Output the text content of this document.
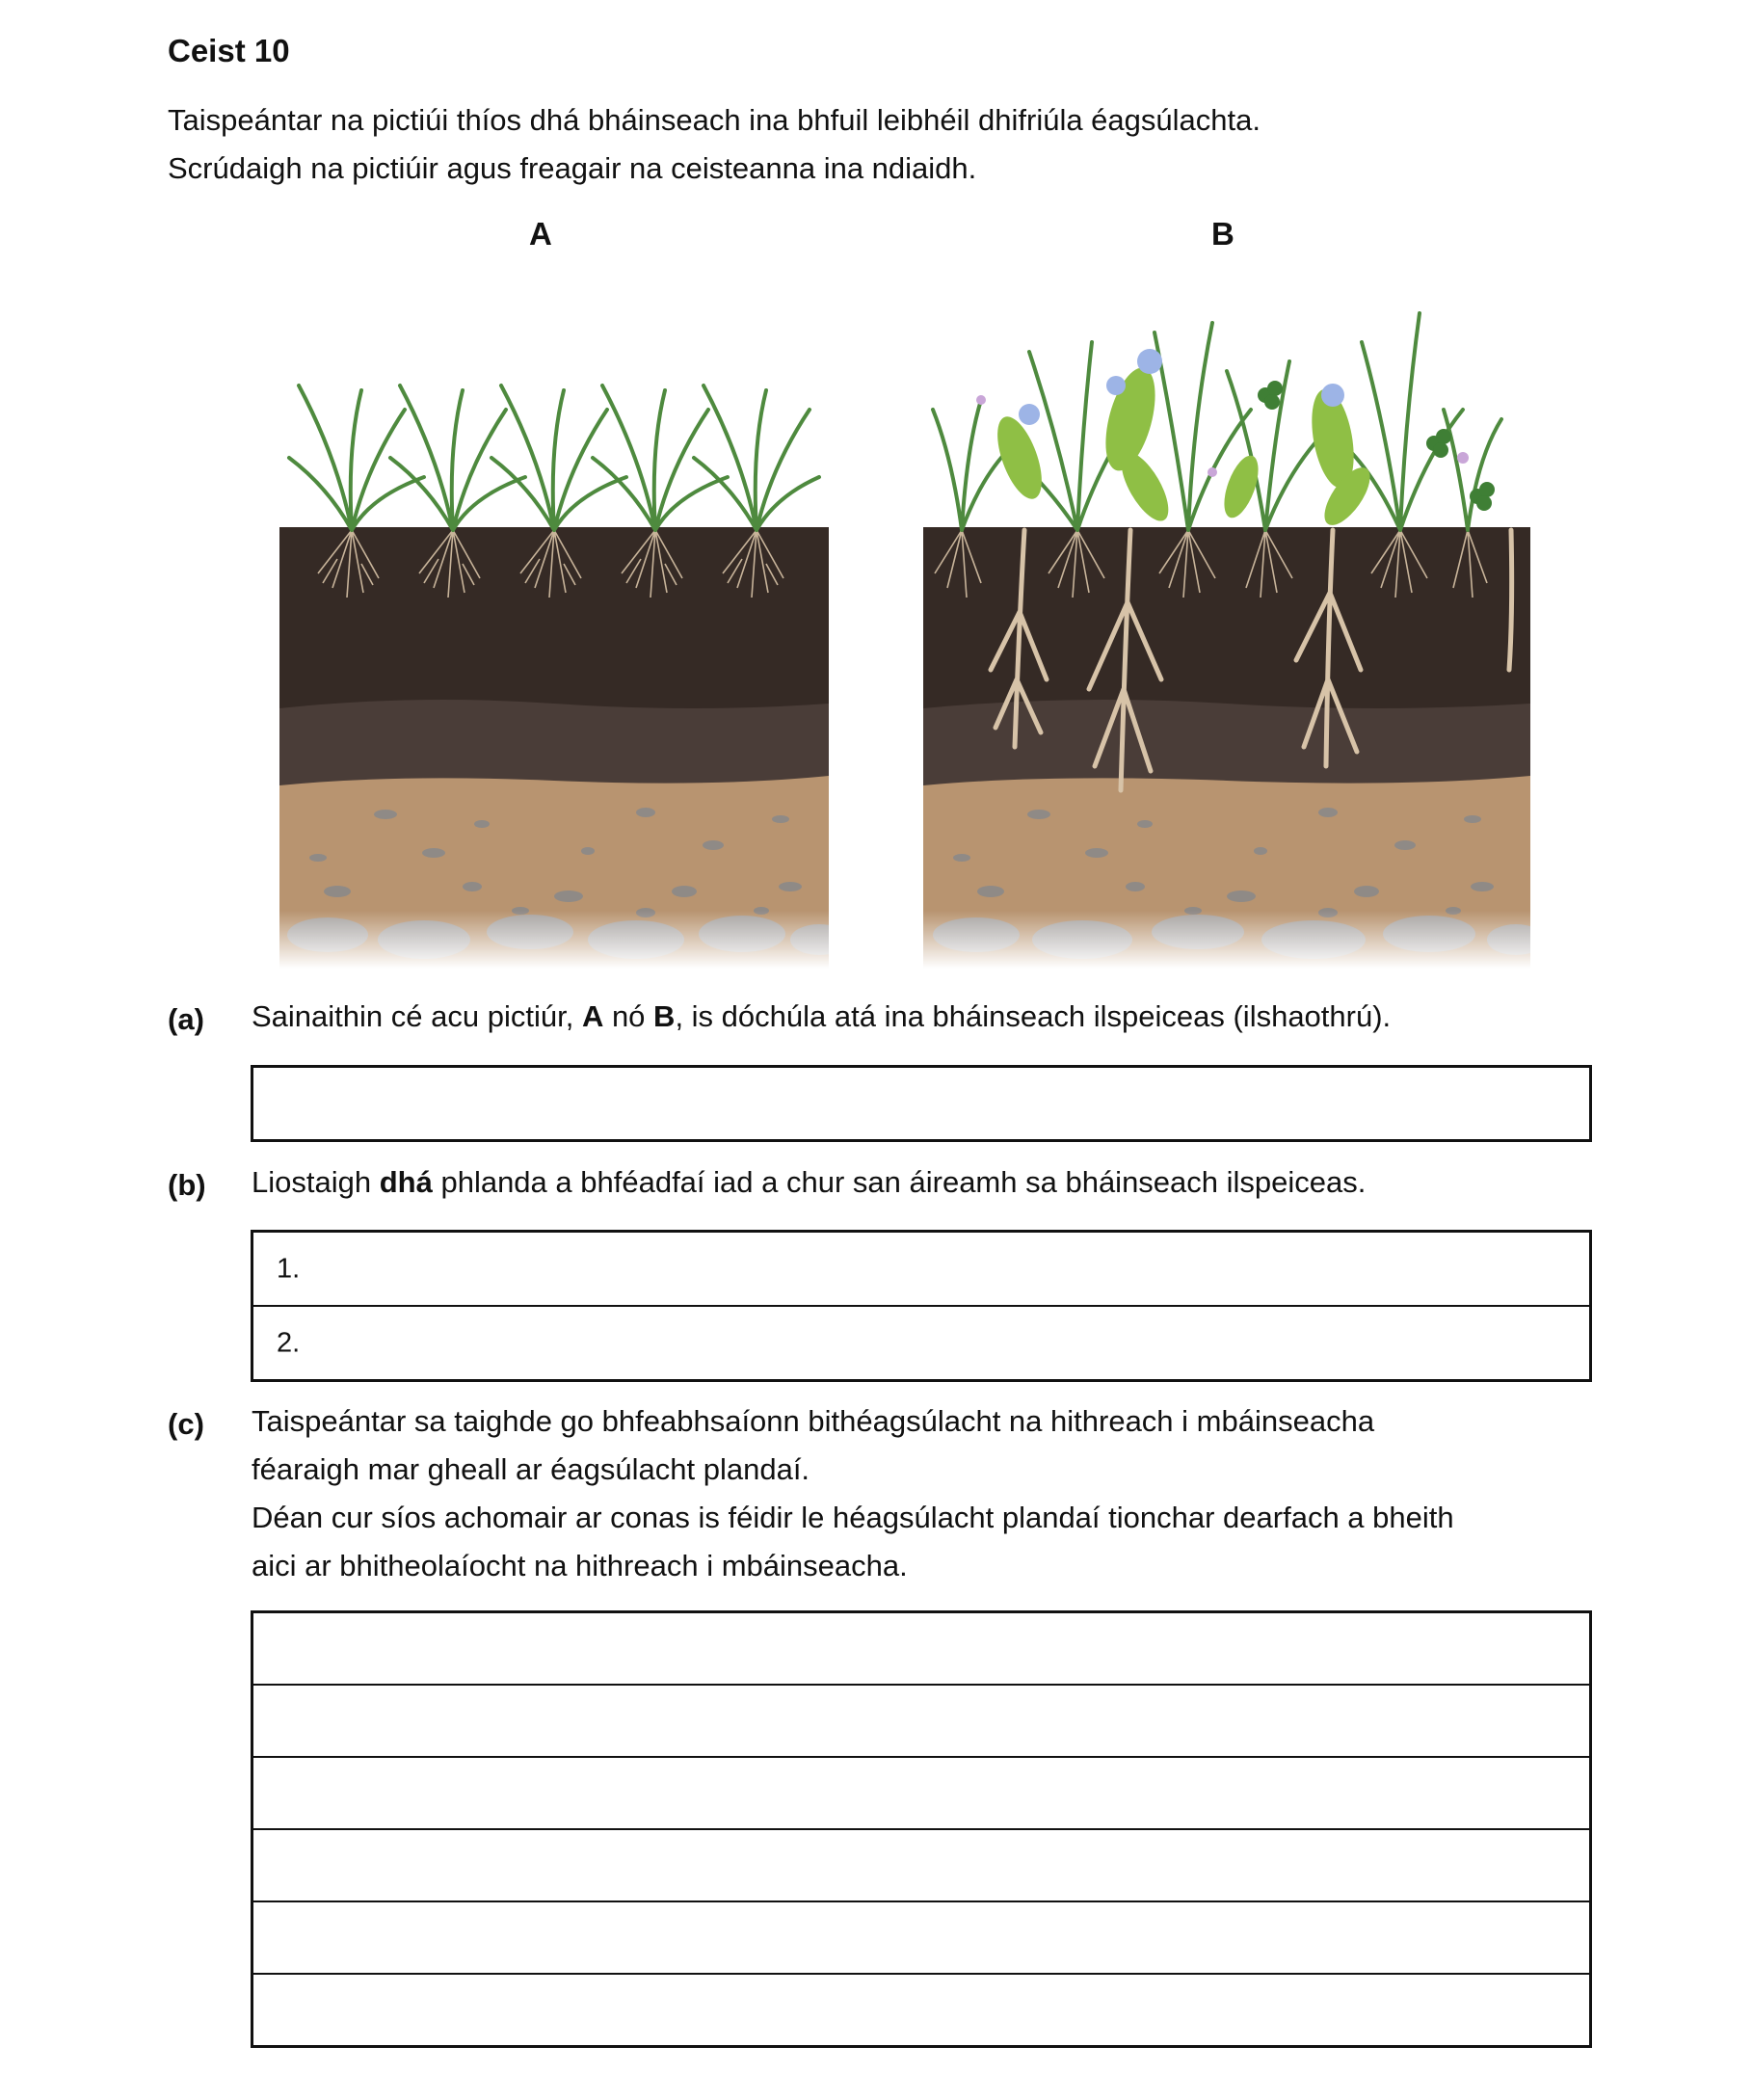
Ceist 10
Taispeántar na pictiúi thíos dhá bháinseach ina bhfuil leibhéil dhifriúla éagsúlachta.
Scrúdaigh na pictiúir agus freagair na ceisteanna ina ndiaidh.
A	B
(a) Sainaithin cé acu pictiúr, A nó B, is dóchúla atá ina bháinseach ilspeiceas (ilshaothrú).
(b) Liostaigh dhá phlanda a bhféadfaí iad a chur san áireamh sa bháinseach ilspeiceas.
1.
2.
(c) Taispeántar sa taighde go bhfeabhsaíonn bithéagsúlacht na hithreach i mbáinseacha
féaraigh mar gheall ar éagsúlacht plandaí.
Déan cur síos achomair ar conas is féidir le héagsúlacht plandaí tionchar dearfach a bheith
aici ar bhitheolaíocht na hithreach i mbáinseacha.
